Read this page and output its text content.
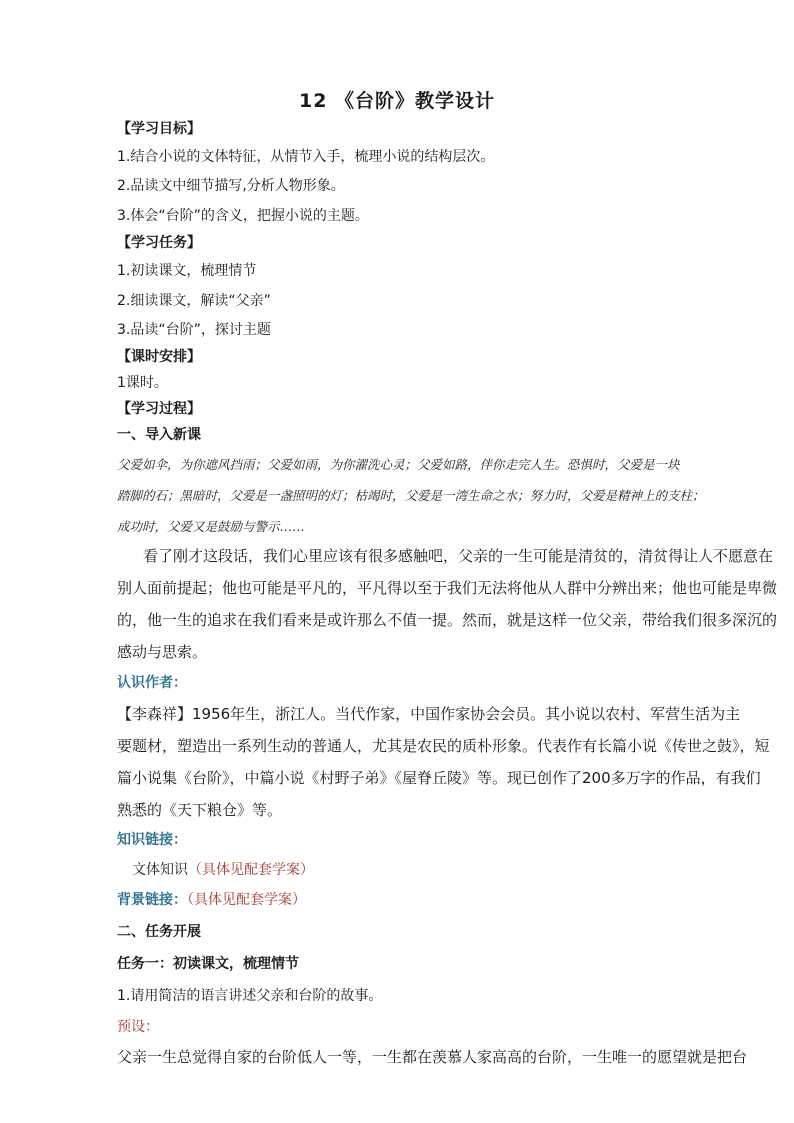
12 《台阶》教学设计
【学习目标】
1.结合小说的文体特征，从情节入手，梳理小说的结构层次。
2.品读文中细节描写,分析人物形象。
3.体会“台阶”的含义，把握小说的主题。
【学习任务】
1.初读课文，梳理情节
2.细读课文，解读“父亲”
3.品读“台阶”，探讨主题
【课时安排】
1课时。
【学习过程】
一、导入新课
父爱如伞，为你遮风挡雨；父爱如雨，为你濯洗心灵；父爱如路，伴你走完人生。恐惧时，父爱是一块
踏脚的石；黑暗时，父爱是一盏照明的灯；枯竭时，父爱是一湾生命之水；努力时，父爱是精神上的支柱；
成功时，父爱又是鼓励与警示……
看了刚才这段话，我们心里应该有很多感触吧，父亲的一生可能是清贫的，清贫得让人不愿意在
别人面前提起；他也可能是平凡的，平凡得以至于我们无法将他从人群中分辨出来；他也可能是卑微
的，他一生的追求在我们看来是或许那么不值一提。然而，就是这样一位父亲，带给我们很多深沉的
感动与思索。
认识作者：
【李森祥】1956年生，浙江人。当代作家，中国作家协会会员。其小说以农村、军营生活为主
要题材，塑造出一系列生动的普通人，尤其是农民的质朴形象。代表作有长篇小说《传世之鼓》，短
篇小说集《台阶》，中篇小说《村野子弟》《屋脊丘陵》等。现已创作了200多万字的作品，有我们
熟悉的《天下粮仓》等。
知识链接：
文体知识（具体见配套学案）
背景链接：（具体见配套学案）
二、任务开展
任务一：初读课文，梳理情节
1.请用简洁的语言讲述父亲和台阶的故事。
预设：
父亲一生总觉得自家的台阶低人一等，一生都在羡慕人家高高的台阶，一生唯一的愿望就是把台
